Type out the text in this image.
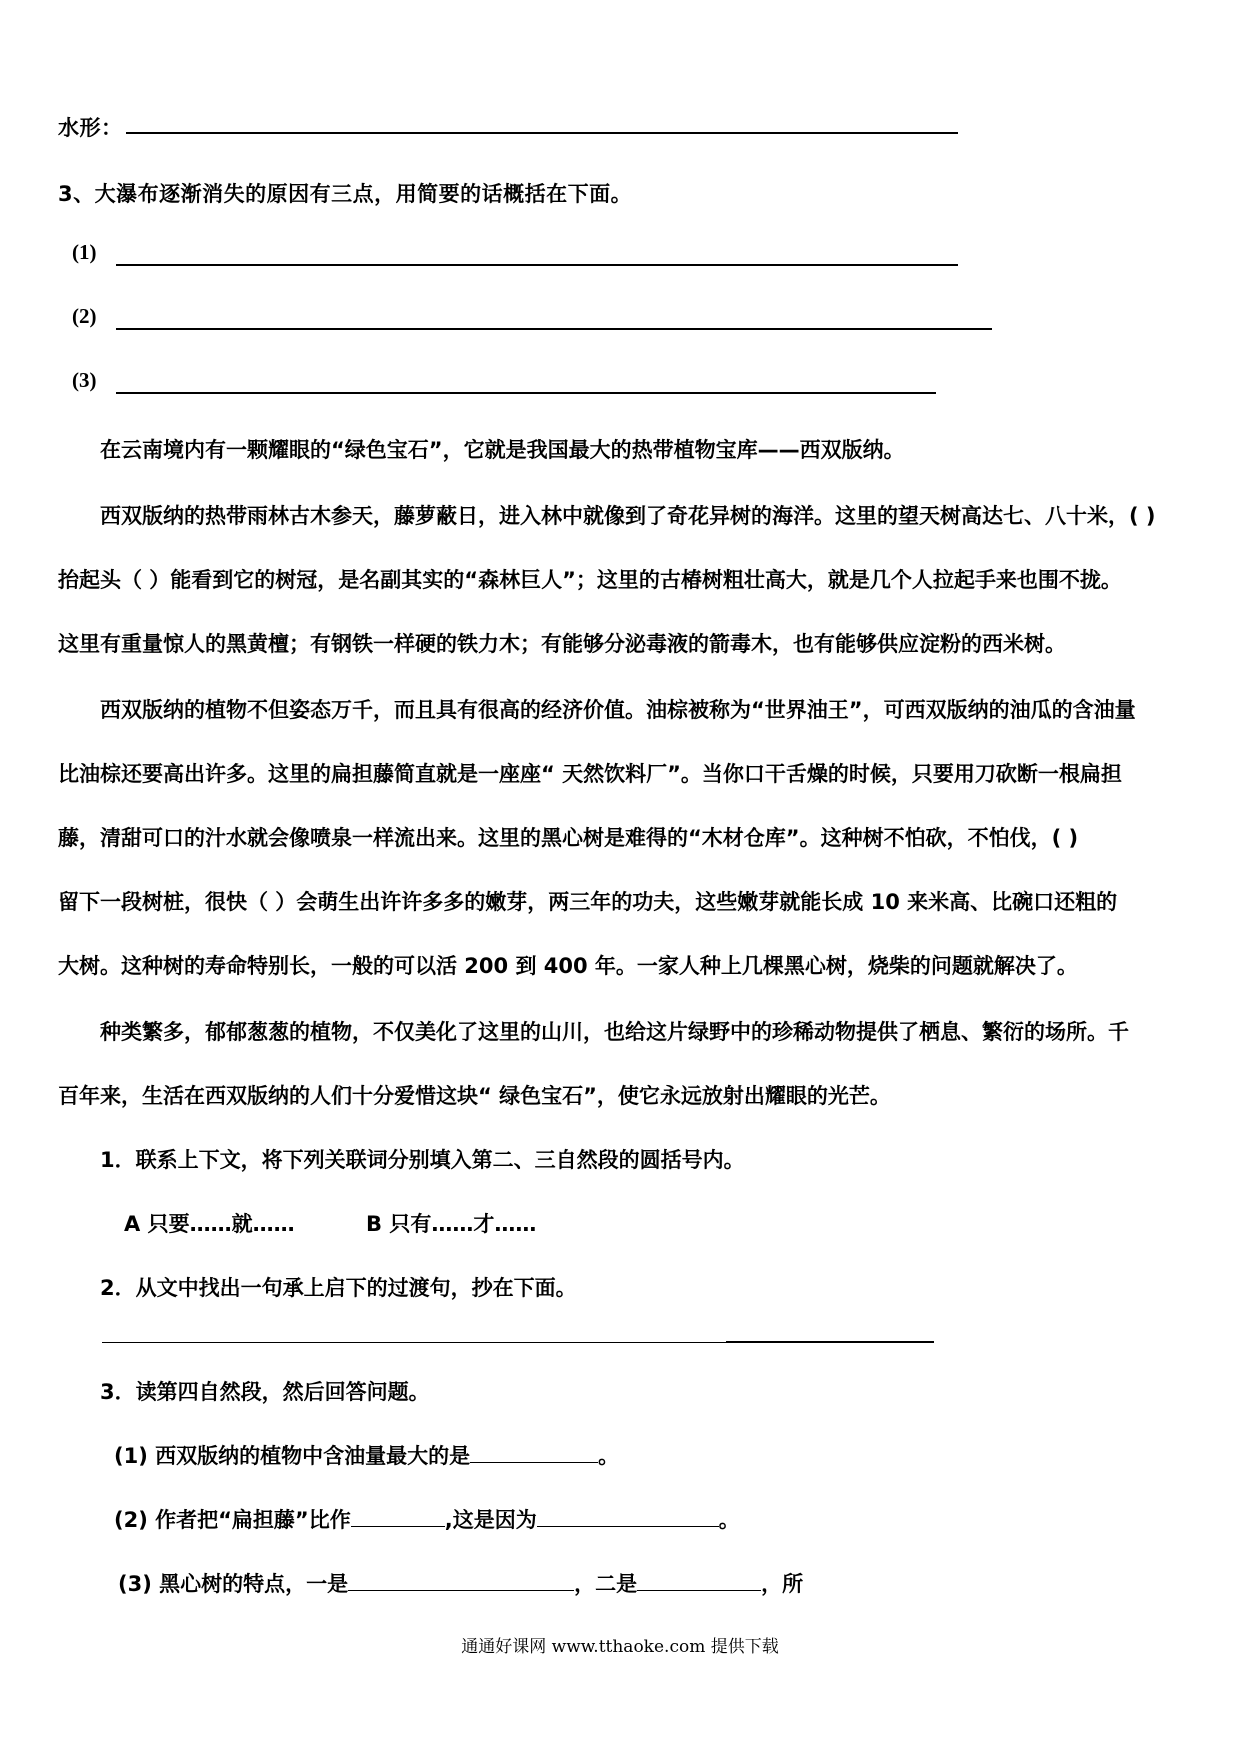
水形：
3、大瀑布逐渐消失的原因有三点，用简要的话概括在下面。
(1)
(2)
(3)
在云南境内有一颗耀眼的“绿色宝石”，它就是我国最大的热带植物宝库——西双版纳。
西双版纳的热带雨林古木参天，藤萝蔽日，进入林中就像到了奇花异树的海洋。这里的望天树高达七、八十米，( )
抬起头（ ）能看到它的树冠，是名副其实的“森林巨人”；这里的古椿树粗壮高大，就是几个人拉起手来也围不拢。
这里有重量惊人的黑黄檀；有钢铁一样硬的铁力木；有能够分泌毒液的箭毒木，也有能够供应淀粉的西米树。
西双版纳的植物不但姿态万千，而且具有很高的经济价值。油棕被称为“世界油王”，可西双版纳的油瓜的含油量
比油棕还要高出许多。这里的扁担藤简直就是一座座“ 天然饮料厂”。当你口干舌燥的时候，只要用刀砍断一根扁担
藤，清甜可口的汁水就会像喷泉一样流出来。这里的黑心树是难得的“木材仓库”。这种树不怕砍，不怕伐，( )
留下一段树桩，很快（ ）会萌生出许许多多的嫩芽，两三年的功夫，这些嫩芽就能长成 10 来米高、比碗口还粗的
大树。这种树的寿命特别长，一般的可以活 200 到 400 年。一家人种上几棵黑心树，烧柴的问题就解决了。
种类繁多，郁郁葱葱的植物，不仅美化了这里的山川，也给这片绿野中的珍稀动物提供了栖息、繁衍的场所。千
百年来，生活在西双版纳的人们十分爱惜这块“ 绿色宝石”，使它永远放射出耀眼的光芒。
1．联系上下文，将下列关联词分别填入第二、三自然段的圆括号内。
A 只要……就……	B 只有……才……
2．从文中找出一句承上启下的过渡句，抄在下面。
3．读第四自然段，然后回答问题。
(1) 西双版纳的植物中含油量最大的是	。
(2) 作者把“扁担藤”比作	,这是因为	。
(3) 黑心树的特点，一是	，二是	，所
通通好课网 www.tthaoke.com 提供下载
